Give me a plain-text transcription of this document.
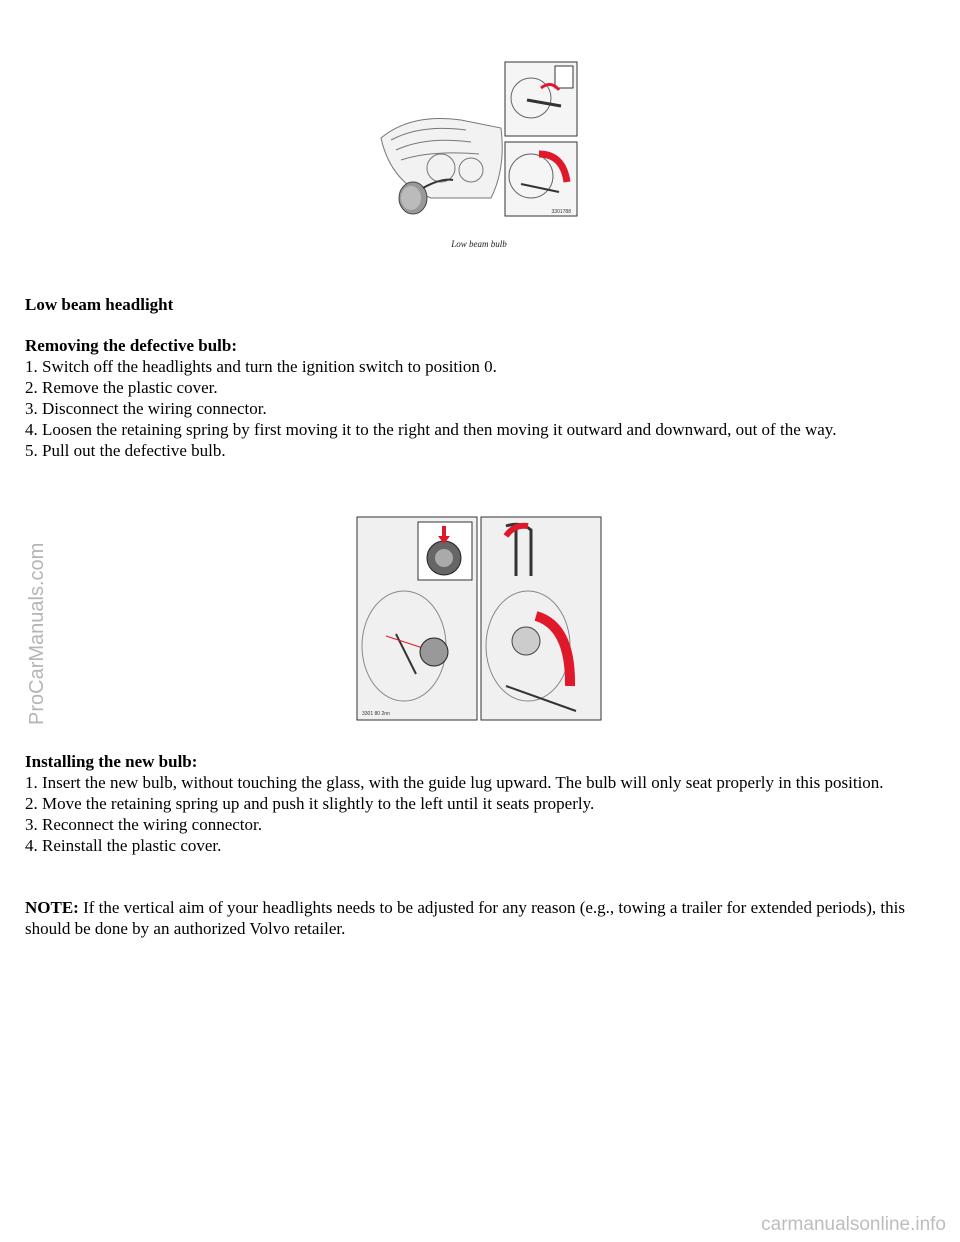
3301788
Low beam bulb
Low beam headlight
Removing the defective bulb:

1. Switch off the headlights and turn the ignition switch to position 0.

2. Remove the plastic cover.

3. Disconnect the wiring connector.

4. Loosen the retaining spring by first moving it to the right and then moving it outward and downward, out of the way.

5. Pull out the defective bulb.

3301 80 2nn
Installing the new bulb:

1. Insert the new bulb, without touching the glass, with the guide lug upward. The bulb will only seat properly in this position.

2. Move the retaining spring up and push it slightly to the left until it seats properly.

3. Reconnect the wiring connector.

4. Reinstall the plastic cover.

NOTE: If the vertical aim of your headlights needs to be adjusted for any reason (e.g., towing a trailer for extended periods), this should be done by an authorized Volvo retailer.

ProCarManuals.com
carmanualsonline.info
